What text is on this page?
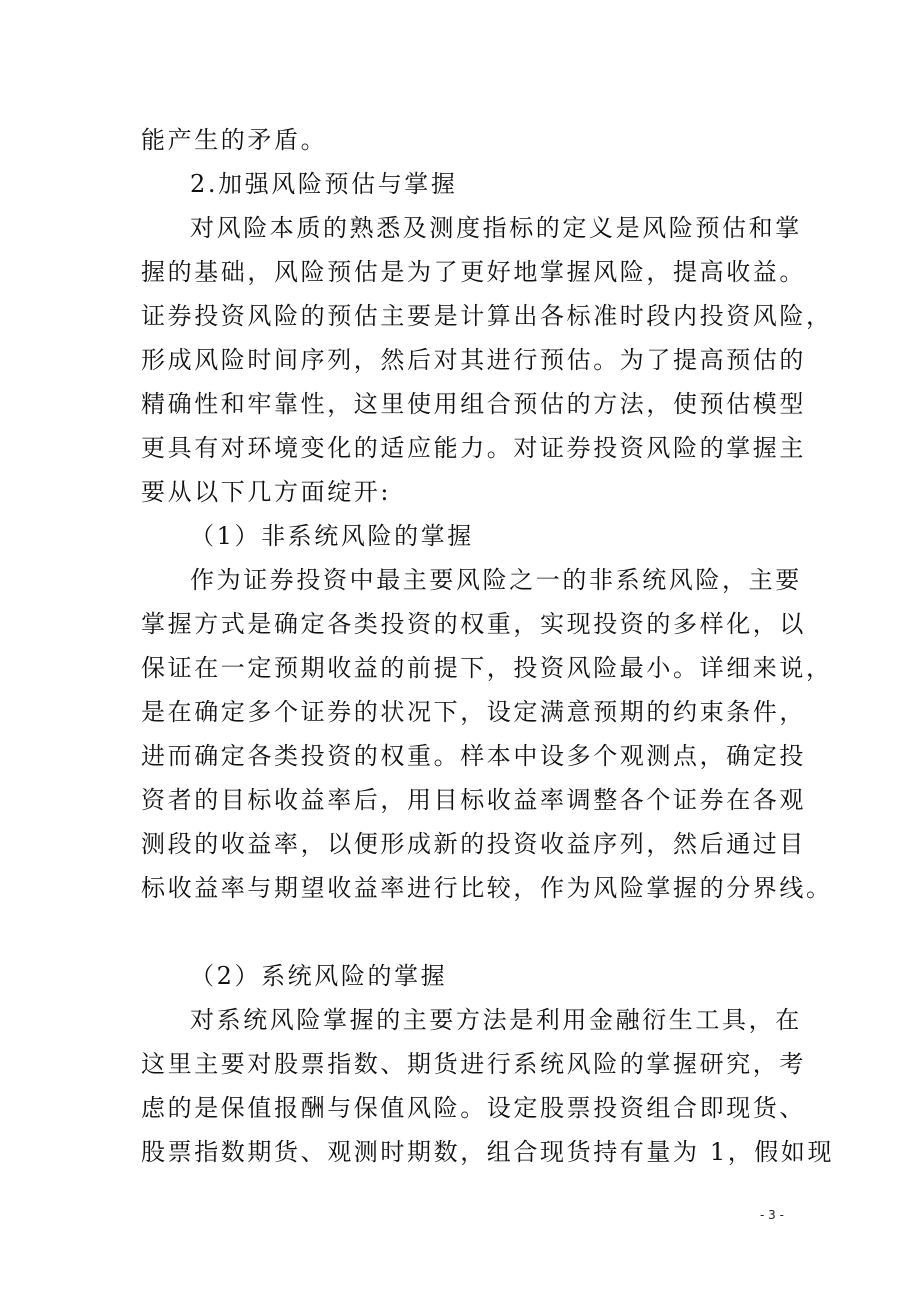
能产生的矛盾。
2.加强风险预估与掌握
对风险本质的熟悉及测度指标的定义是风险预估和掌
握的基础，风险预估是为了更好地掌握风险，提高收益。
证券投资风险的预估主要是计算出各标准时段内投资风险，
形成风险时间序列，然后对其进行预估。为了提高预估的
精确性和牢靠性，这里使用组合预估的方法，使预估模型
更具有对环境变化的适应能力。对证券投资风险的掌握主
要从以下几方面绽开:
（1）非系统风险的掌握
作为证券投资中最主要风险之一的非系统风险，主要
掌握方式是确定各类投资的权重，实现投资的多样化，以
保证在一定预期收益的前提下，投资风险最小。详细来说，
是在确定多个证券的状况下，设定满意预期的约束条件，
进而确定各类投资的权重。样本中设多个观测点，确定投
资者的目标收益率后，用目标收益率调整各个证券在各观
测段的收益率，以便形成新的投资收益序列，然后通过目
标收益率与期望收益率进行比较，作为风险掌握的分界线。
（2）系统风险的掌握
对系统风险掌握的主要方法是利用金融衍生工具，在
这里主要对股票指数、期货进行系统风险的掌握研究，考
虑的是保值报酬与保值风险。设定股票投资组合即现货、
股票指数期货、观测时期数，组合现货持有量为 1，假如现
- 3 -
